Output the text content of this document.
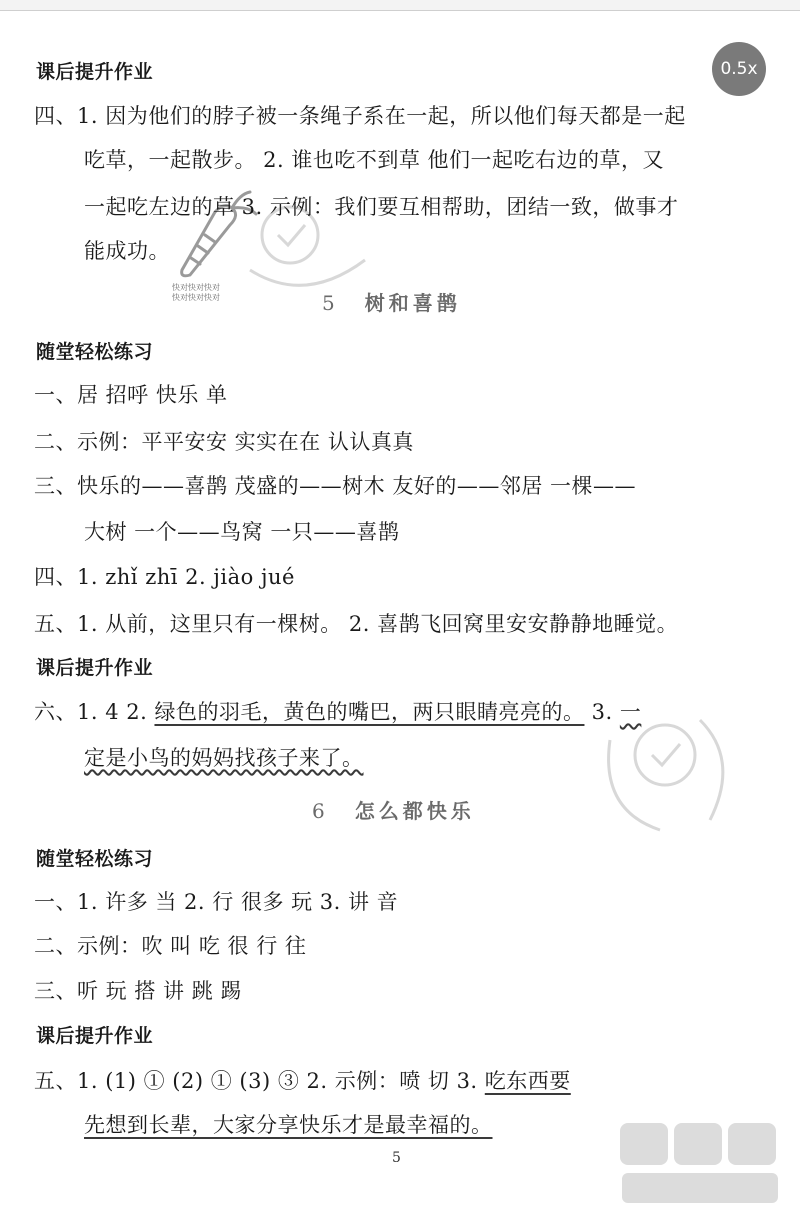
0.5x
快对快对快对
快对快对快对
课后提升作业
四、1. 因为他们的脖子被一条绳子系在一起，所以他们每天都是一起
吃草，一起散步。 2. 谁也吃不到草 他们一起吃右边的草，又
一起吃左边的草 3. 示例：我们要互相帮助，团结一致，做事才
能成功。
5 树和喜鹊
随堂轻松练习
一、居 招呼 快乐 单
二、示例：平平安安 实实在在 认认真真
三、快乐的——喜鹊 茂盛的——树木 友好的——邻居 一棵——
大树 一个——鸟窝 一只——喜鹊
四、1. zhǐ zhī 2. jiào jué
五、1. 从前，这里只有一棵树。 2. 喜鹊飞回窝里安安静静地睡觉。
课后提升作业
六、1. 4 2. 绿色的羽毛，黄色的嘴巴，两只眼睛亮亮的。 3. 一
定是小鸟的妈妈找孩子来了。
6 怎么都快乐
随堂轻松练习
一、1. 许多 当 2. 行 很多 玩 3. 讲 音
二、示例：吹 叫 吃 很 行 往
三、听 玩 搭 讲 跳 踢
课后提升作业
五、1. (1) ① (2) ① (3) ③ 2. 示例：喷 切 3. 吃东西要
先想到长辈，大家分享快乐才是最幸福的。
5
